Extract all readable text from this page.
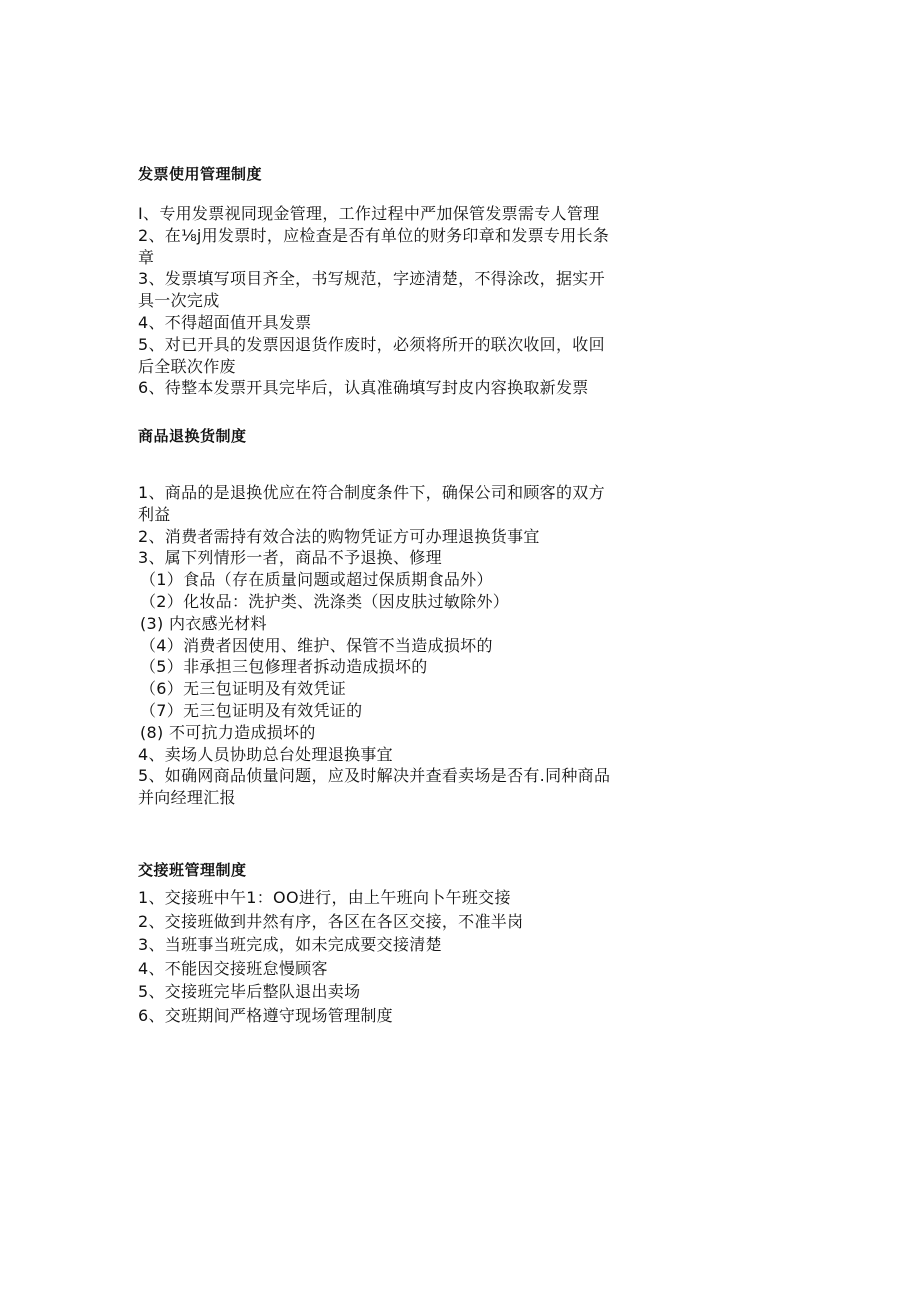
发票使用管理制度
I、专用发票视同现金管理，工作过程中严加保管发票需专人管理
2、在⅛j用发票时，应检查是否有单位的财务印章和发票专用长条
章
3、发票填写项目齐全，书写规范，字迹清楚，不得涂改，据实开
具一次完成
4、不得超面值开具发票
5、对已开具的发票因退货作废时，必须将所开的联次收回，收回
后全联次作废
6、待整本发票开具完毕后，认真准确填写封皮内容换取新发票
商品退换货制度
1、商品的是退换优应在符合制度条件下，确保公司和顾客的双方
利益
2、消费者需持有效合法的购物凭证方可办理退换货事宜
3、属下列情形一者，商品不予退换、修理
（1）食品（存在质量问题或超过保质期食品外）
（2）化妆品：洗护类、洗涤类（因皮肤过敏除外）
(3) 内衣感光材料
（4）消费者因使用、维护、保管不当造成损坏的
（5）非承担三包修理者拆动造成损坏的
（6）无三包证明及有效凭证
（7）无三包证明及有效凭证的
(8) 不可抗力造成损坏的
4、卖场人员协助总台处理退换事宜
5、如确网商品侦量问题，应及时解决并查看卖场是否有.同种商品
并向经理汇报
交接班管理制度
1、交接班中午1：OO进行，由上午班向卜午班交接
2、交接班做到井然有序，各区在各区交接，不准半岗
3、当班事当班完成，如未完成要交接清楚
4、不能因交接班怠慢顾客
5、交接班完毕后整队退出卖场
6、交班期间严格遵守现场管理制度
